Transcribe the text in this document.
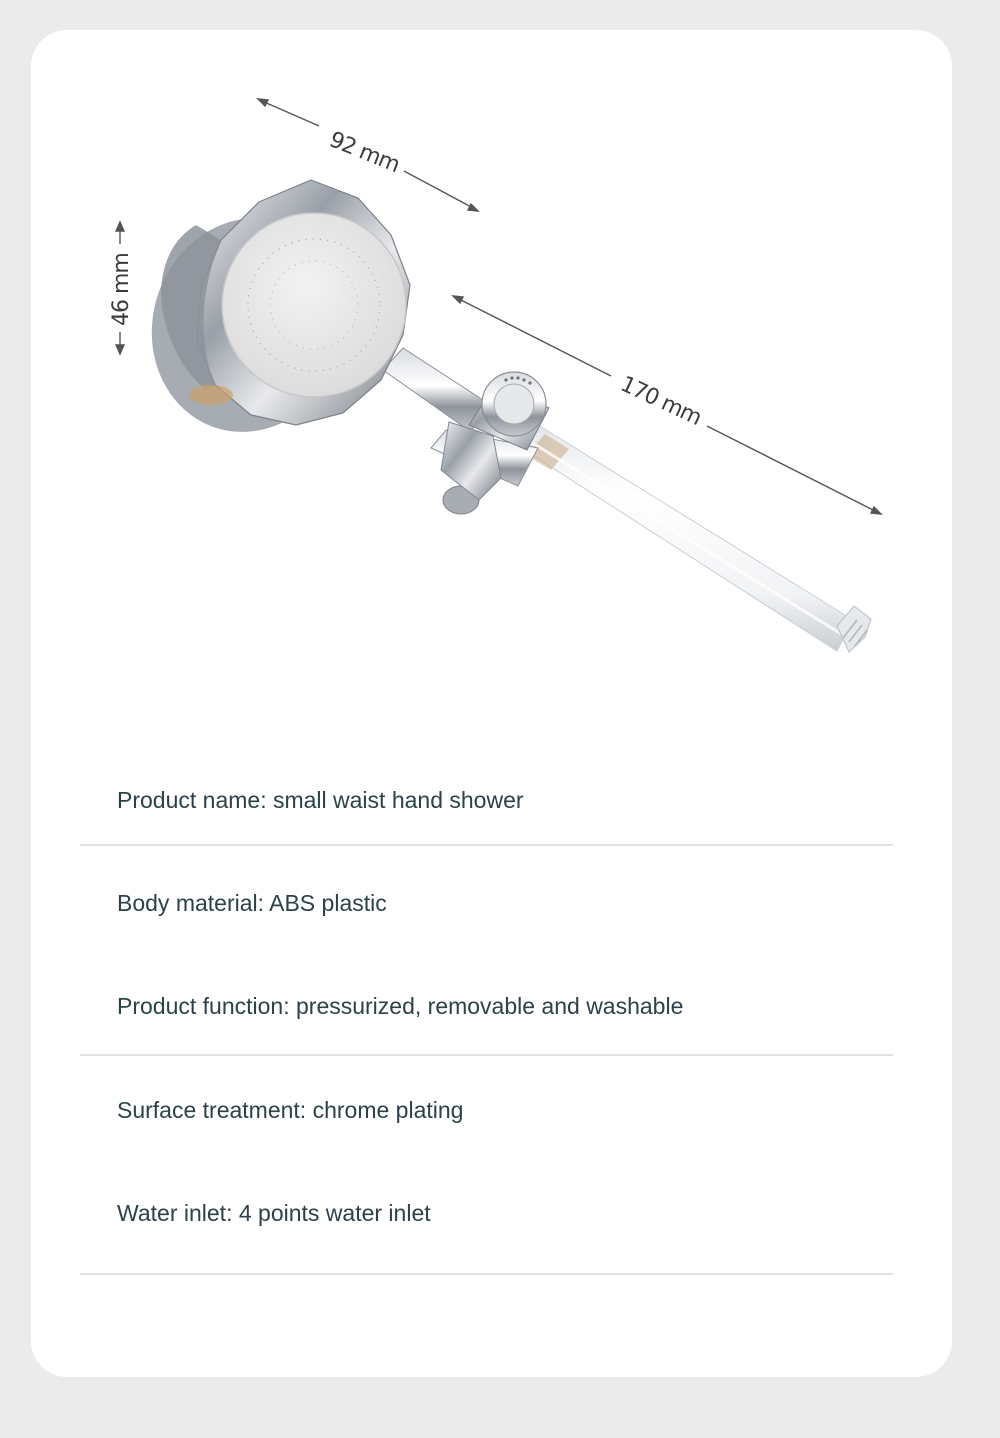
92 mm
46 mm
170 mm
Product name: small waist hand shower
Body material: ABS plastic
Product function: pressurized, removable and washable
Surface treatment: chrome plating
Water inlet: 4 points water inlet
